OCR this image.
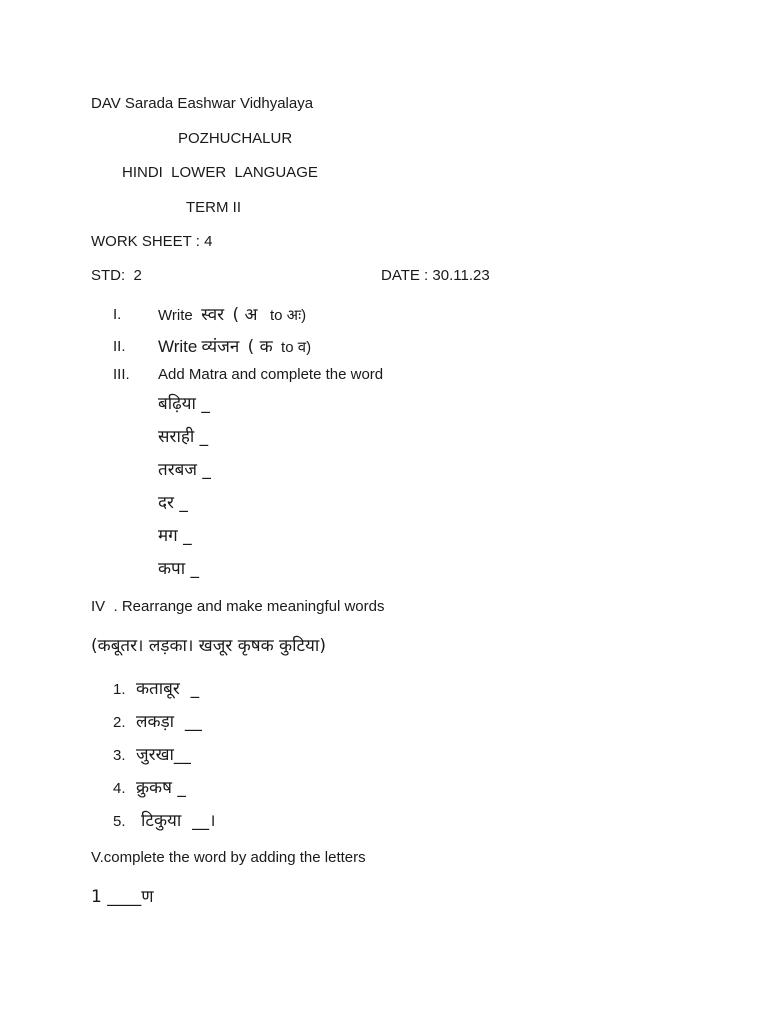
DAV Sarada Eashwar Vidhyalaya
POZHUCHALUR
HINDI  LOWER  LANGUAGE
TERM II
WORK SHEET : 4
STD:  2	DATE : 30.11.23
I. Write स्वर ( अ to अः)
II. Write व्यंजन ( क to व)
III. Add Matra and complete the word
बढ़िया _
सराही _
तरबज _
दर _
मग _
कपा _
IV  . Rearrange and make meaningful words
(कबूतर। लड़का। खजूर कृषक कुटिया)
1. कताबूर  _
2. लकड़ा  __
3. जुरखा__
4. क्रुकष _
5. टिकुया  __।
V.complete the word by adding the letters
1 ____ण
